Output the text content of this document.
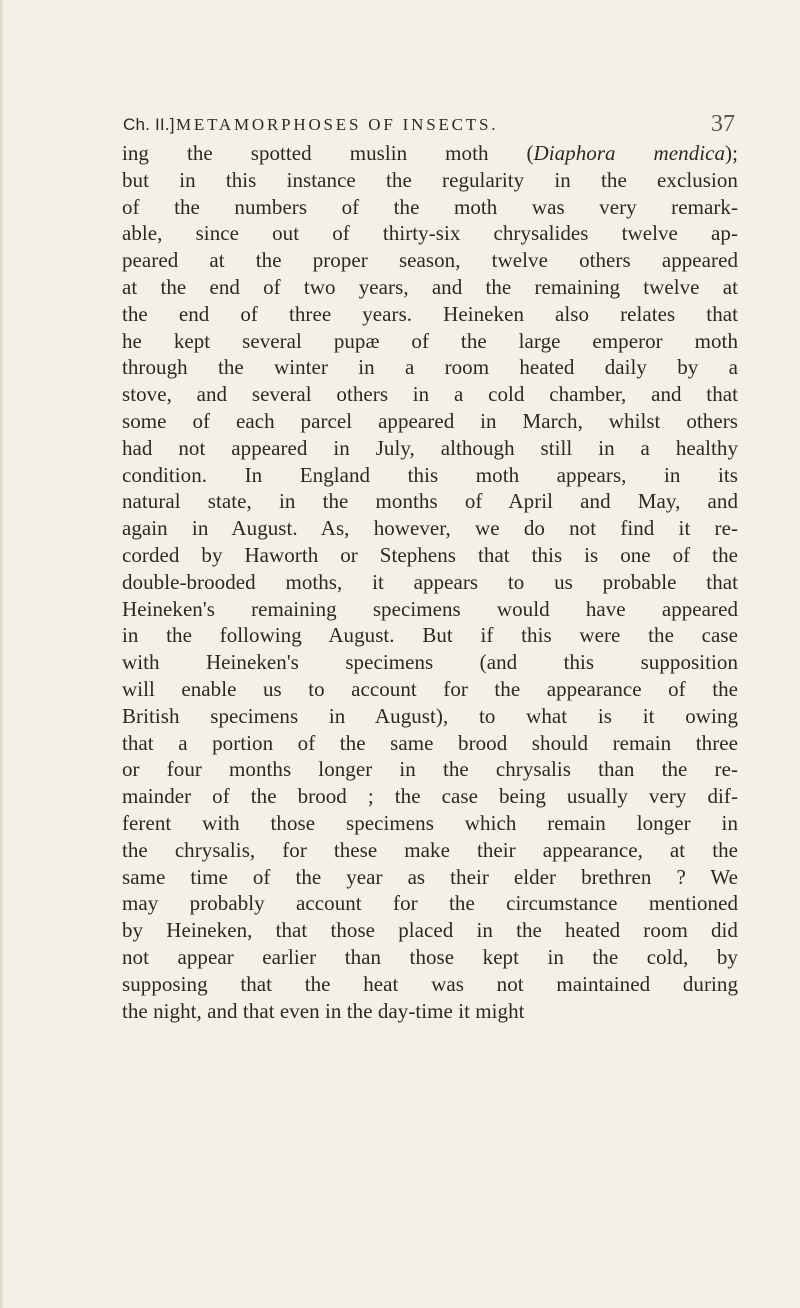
Ch. II.] METAMORPHOSES OF INSECTS.	37
ing the spotted muslin moth (Diaphora mendica);
but in this instance the regularity in the exclusion
of the numbers of the moth was very remark-
able, since out of thirty-six chrysalides twelve ap-
peared at the proper season, twelve others appeared
at the end of two years, and the remaining twelve at
the end of three years. Heineken also relates that
he kept several pupæ of the large emperor moth
through the winter in a room heated daily by a
stove, and several others in a cold chamber, and that
some of each parcel appeared in March, whilst others
had not appeared in July, although still in a healthy
condition. In England this moth appears, in its
natural state, in the months of April and May, and
again in August. As, however, we do not find it re-
corded by Haworth or Stephens that this is one of the
double-brooded moths, it appears to us probable that
Heineken's remaining specimens would have appeared
in the following August. But if this were the case
with Heineken's specimens (and this supposition
will enable us to account for the appearance of the
British specimens in August), to what is it owing
that a portion of the same brood should remain three
or four months longer in the chrysalis than the re-
mainder of the brood ; the case being usually very dif-
ferent with those specimens which remain longer in
the chrysalis, for these make their appearance, at the
same time of the year as their elder brethren ? We
may probably account for the circumstance mentioned
by Heineken, that those placed in the heated room did
not appear earlier than those kept in the cold, by
supposing that the heat was not maintained during
the night, and that even in the day-time it might
